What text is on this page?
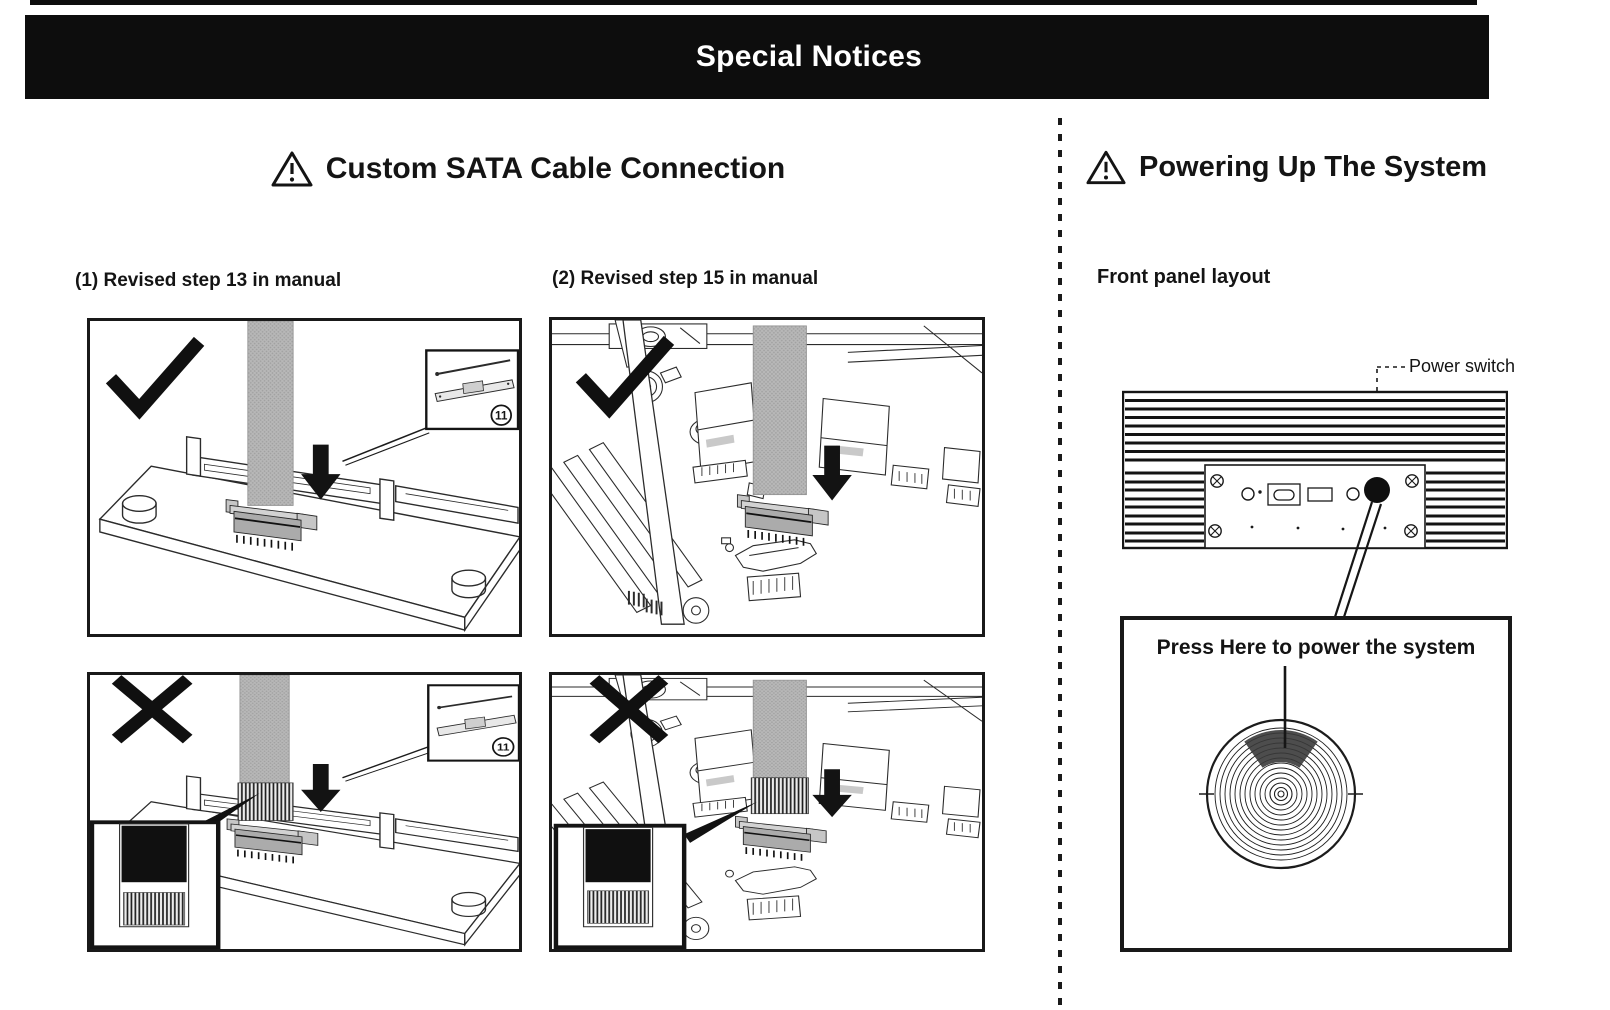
Special Notices
Custom SATA Cable Connection
(1) Revised step 13 in manual	(2) Revised step 15 in manual
11
11
Powering Up The System
Front panel layout
Power switch
Press Here to power the system
